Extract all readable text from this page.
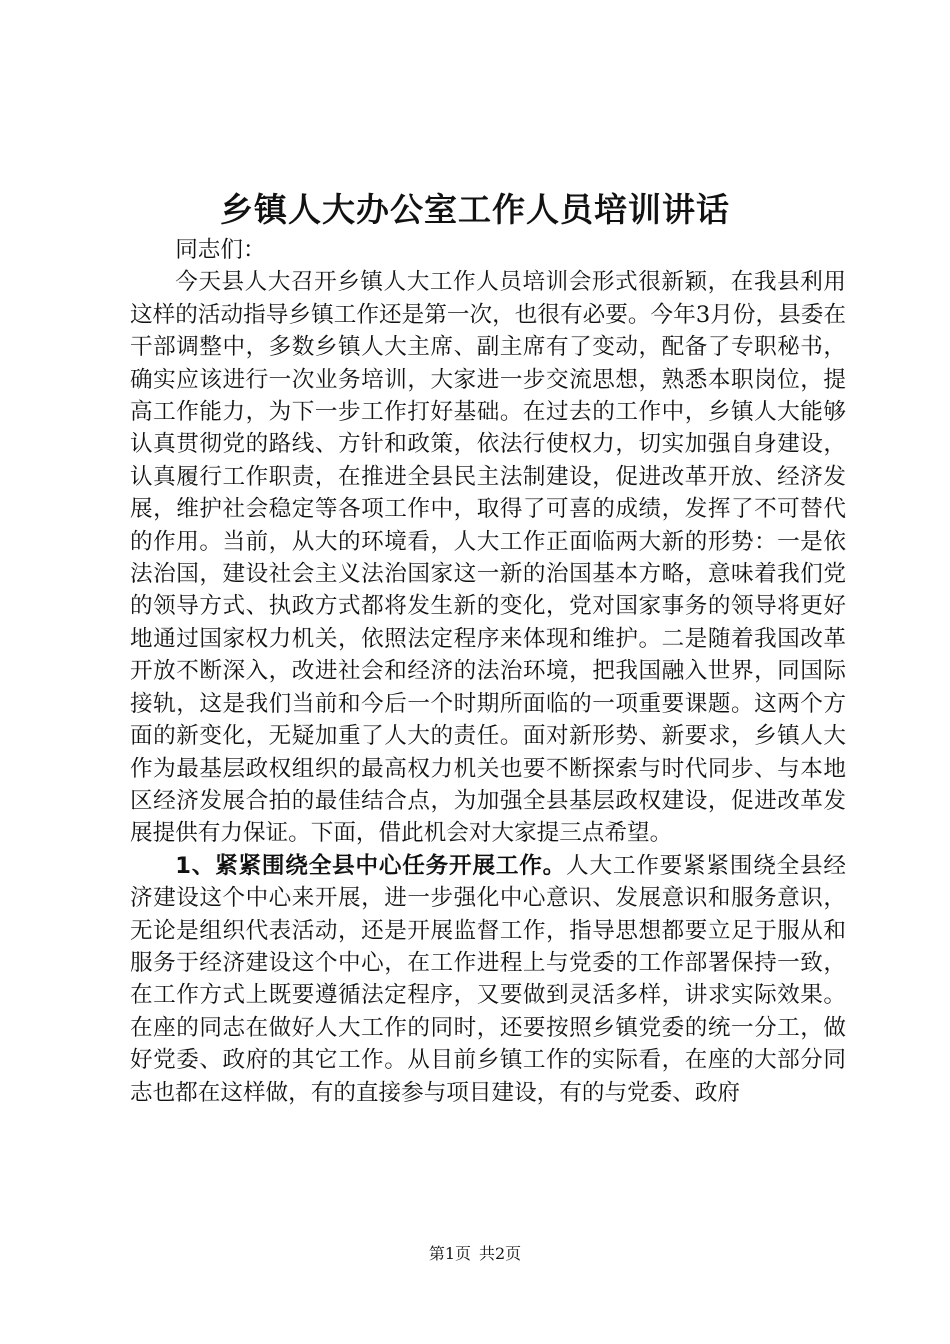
乡镇人大办公室工作人员培训讲话

同志们：

今天县人大召开乡镇人大工作人员培训会形式很新颖，在我县利用这样的活动指导乡镇工作还是第一次，也很有必要。今年3月份，县委在干部调整中，多数乡镇人大主席、副主席有了变动，配备了专职秘书，确实应该进行一次业务培训，大家进一步交流思想，熟悉本职岗位，提高工作能力，为下一步工作打好基础。在过去的工作中，乡镇人大能够认真贯彻党的路线、方针和政策，依法行使权力，切实加强自身建设，认真履行工作职责，在推进全县民主法制建设，促进改革开放、经济发展，维护社会稳定等各项工作中，取得了可喜的成绩，发挥了不可替代的作用。当前，从大的环境看，人大工作正面临两大新的形势：一是依法治国，建设社会主义法治国家这一新的治国基本方略，意味着我们党的领导方式、执政方式都将发生新的变化，党对国家事务的领导将更好地通过国家权力机关，依照法定程序来体现和维护。二是随着我国改革开放不断深入，改进社会和经济的法治环境，把我国融入世界，同国际接轨，这是我们当前和今后一个时期所面临的一项重要课题。这两个方面的新变化，无疑加重了人大的责任。面对新形势、新要求，乡镇人大作为最基层政权组织的最高权力机关也要不断探索与时代同步、与本地区经济发展合拍的最佳结合点，为加强全县基层政权建设，促进改革发展提供有力保证。下面，借此机会对大家提三点希望。

1、紧紧围绕全县中心任务开展工作。人大工作要紧紧围绕全县经济建设这个中心来开展，进一步强化中心意识、发展意识和服务意识，无论是组织代表活动，还是开展监督工作，指导思想都要立足于服从和服务于经济建设这个中心，在工作进程上与党委的工作部署保持一致，在工作方式上既要遵循法定程序，又要做到灵活多样，讲求实际效果。在座的同志在做好人大工作的同时，还要按照乡镇党委的统一分工，做好党委、政府的其它工作。从目前乡镇工作的实际看，在座的大部分同志也都在这样做，有的直接参与项目建设，有的与党委、政府

第1页 共2页
